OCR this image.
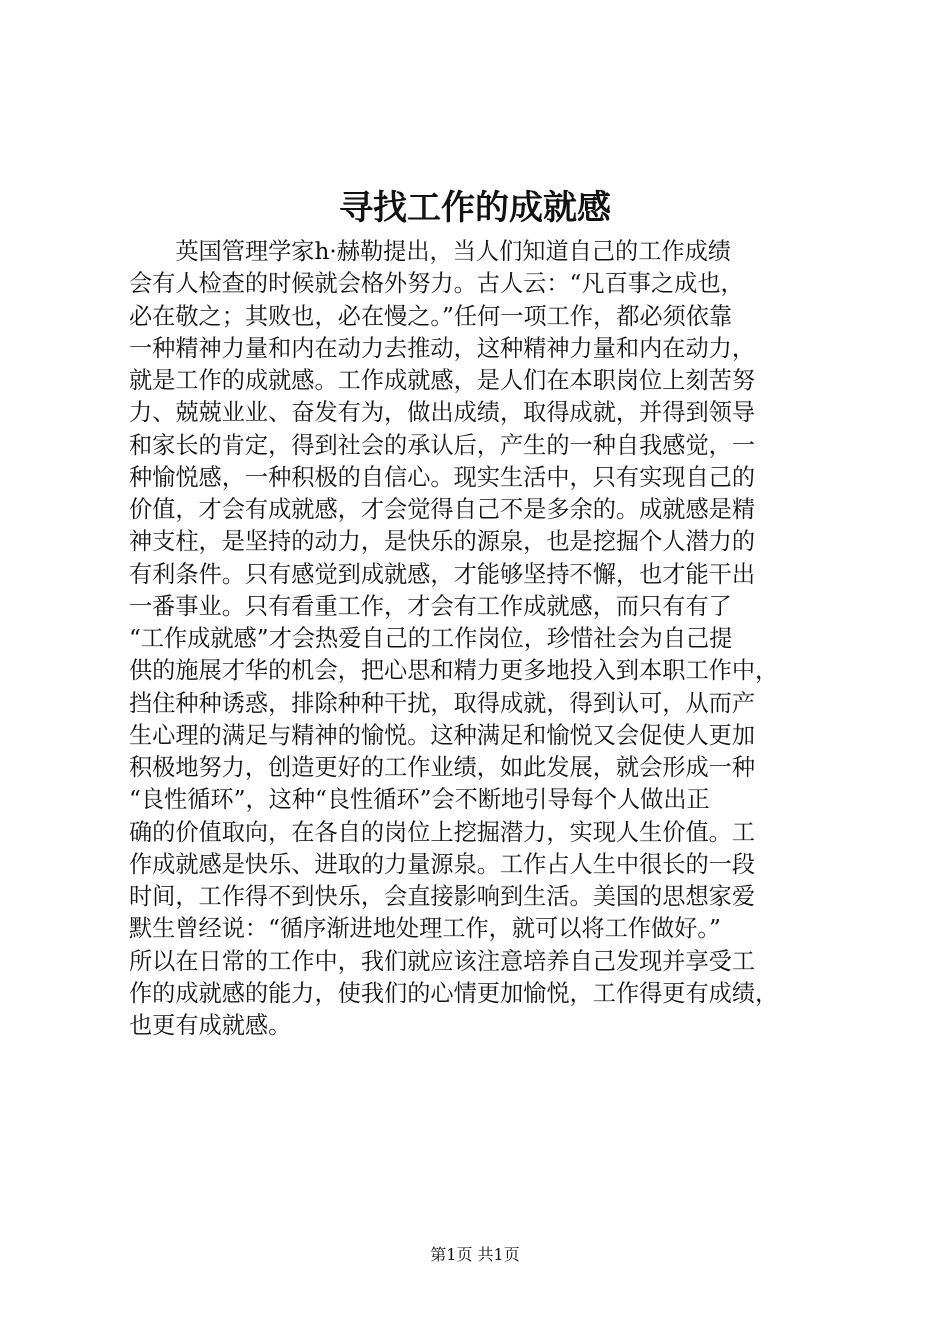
寻找工作的成就感
　　英国管理学家h·赫勒提出，当人们知道自己的工作成绩
会有人检查的时候就会格外努力。古人云：“凡百事之成也，
必在敬之；其败也，必在慢之。”任何一项工作，都必须依靠
一种精神力量和内在动力去推动，这种精神力量和内在动力，
就是工作的成就感。工作成就感，是人们在本职岗位上刻苦努
力、兢兢业业、奋发有为，做出成绩，取得成就，并得到领导
和家长的肯定，得到社会的承认后，产生的一种自我感觉，一
种愉悦感，一种积极的自信心。现实生活中，只有实现自己的
价值，才会有成就感，才会觉得自己不是多余的。成就感是精
神支柱，是坚持的动力，是快乐的源泉，也是挖掘个人潜力的
有利条件。只有感觉到成就感，才能够坚持不懈，也才能干出
一番事业。只有看重工作，才会有工作成就感，而只有有了
“工作成就感”才会热爱自己的工作岗位，珍惜社会为自己提
供的施展才华的机会，把心思和精力更多地投入到本职工作中，
挡住种种诱惑，排除种种干扰，取得成就，得到认可，从而产
生心理的满足与精神的愉悦。这种满足和愉悦又会促使人更加
积极地努力，创造更好的工作业绩，如此发展，就会形成一种
“良性循环”，这种“良性循环”会不断地引导每个人做出正
确的价值取向，在各自的岗位上挖掘潜力，实现人生价值。工
作成就感是快乐、进取的力量源泉。工作占人生中很长的一段
时间，工作得不到快乐，会直接影响到生活。美国的思想家爱
默生曾经说：“循序渐进地处理工作，就可以将工作做好。”
所以在日常的工作中，我们就应该注意培养自己发现并享受工
作的成就感的能力，使我们的心情更加愉悦，工作得更有成绩，
也更有成就感。
第1页 共1页
